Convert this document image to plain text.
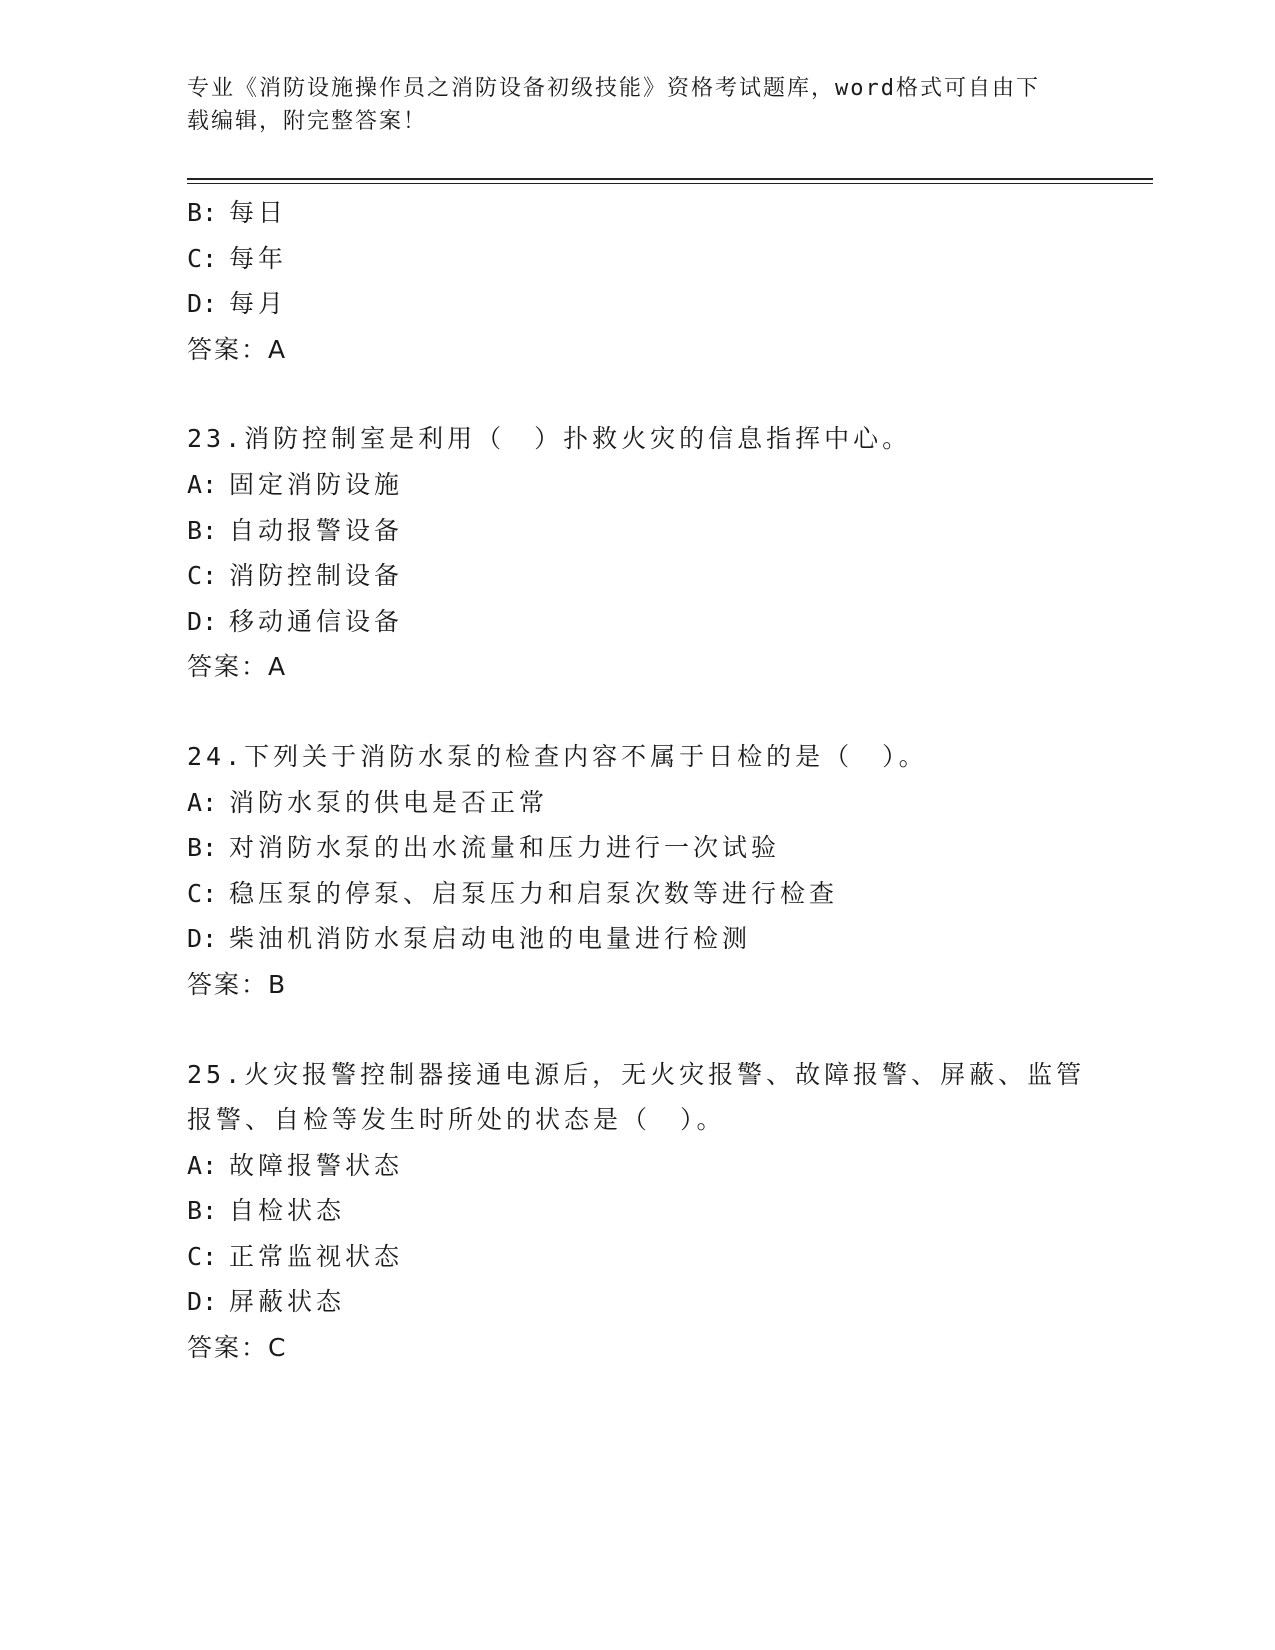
专业《消防设施操作员之消防设备初级技能》资格考试题库，word格式可自由下
载编辑，附完整答案！
B: 每日
C: 每年
D: 每月
答案：A
23.消防控制室是利用（　）扑救火灾的信息指挥中心。
A: 固定消防设施
B: 自动报警设备
C: 消防控制设备
D: 移动通信设备
答案：A
24.下列关于消防水泵的检查内容不属于日检的是（　）。
A: 消防水泵的供电是否正常
B: 对消防水泵的出水流量和压力进行一次试验
C: 稳压泵的停泵、启泵压力和启泵次数等进行检查
D: 柴油机消防水泵启动电池的电量进行检测
答案：B
25.火灾报警控制器接通电源后，无火灾报警、故障报警、屏蔽、监管
报警、自检等发生时所处的状态是（　）。
A: 故障报警状态
B: 自检状态
C: 正常监视状态
D: 屏蔽状态
答案：C
